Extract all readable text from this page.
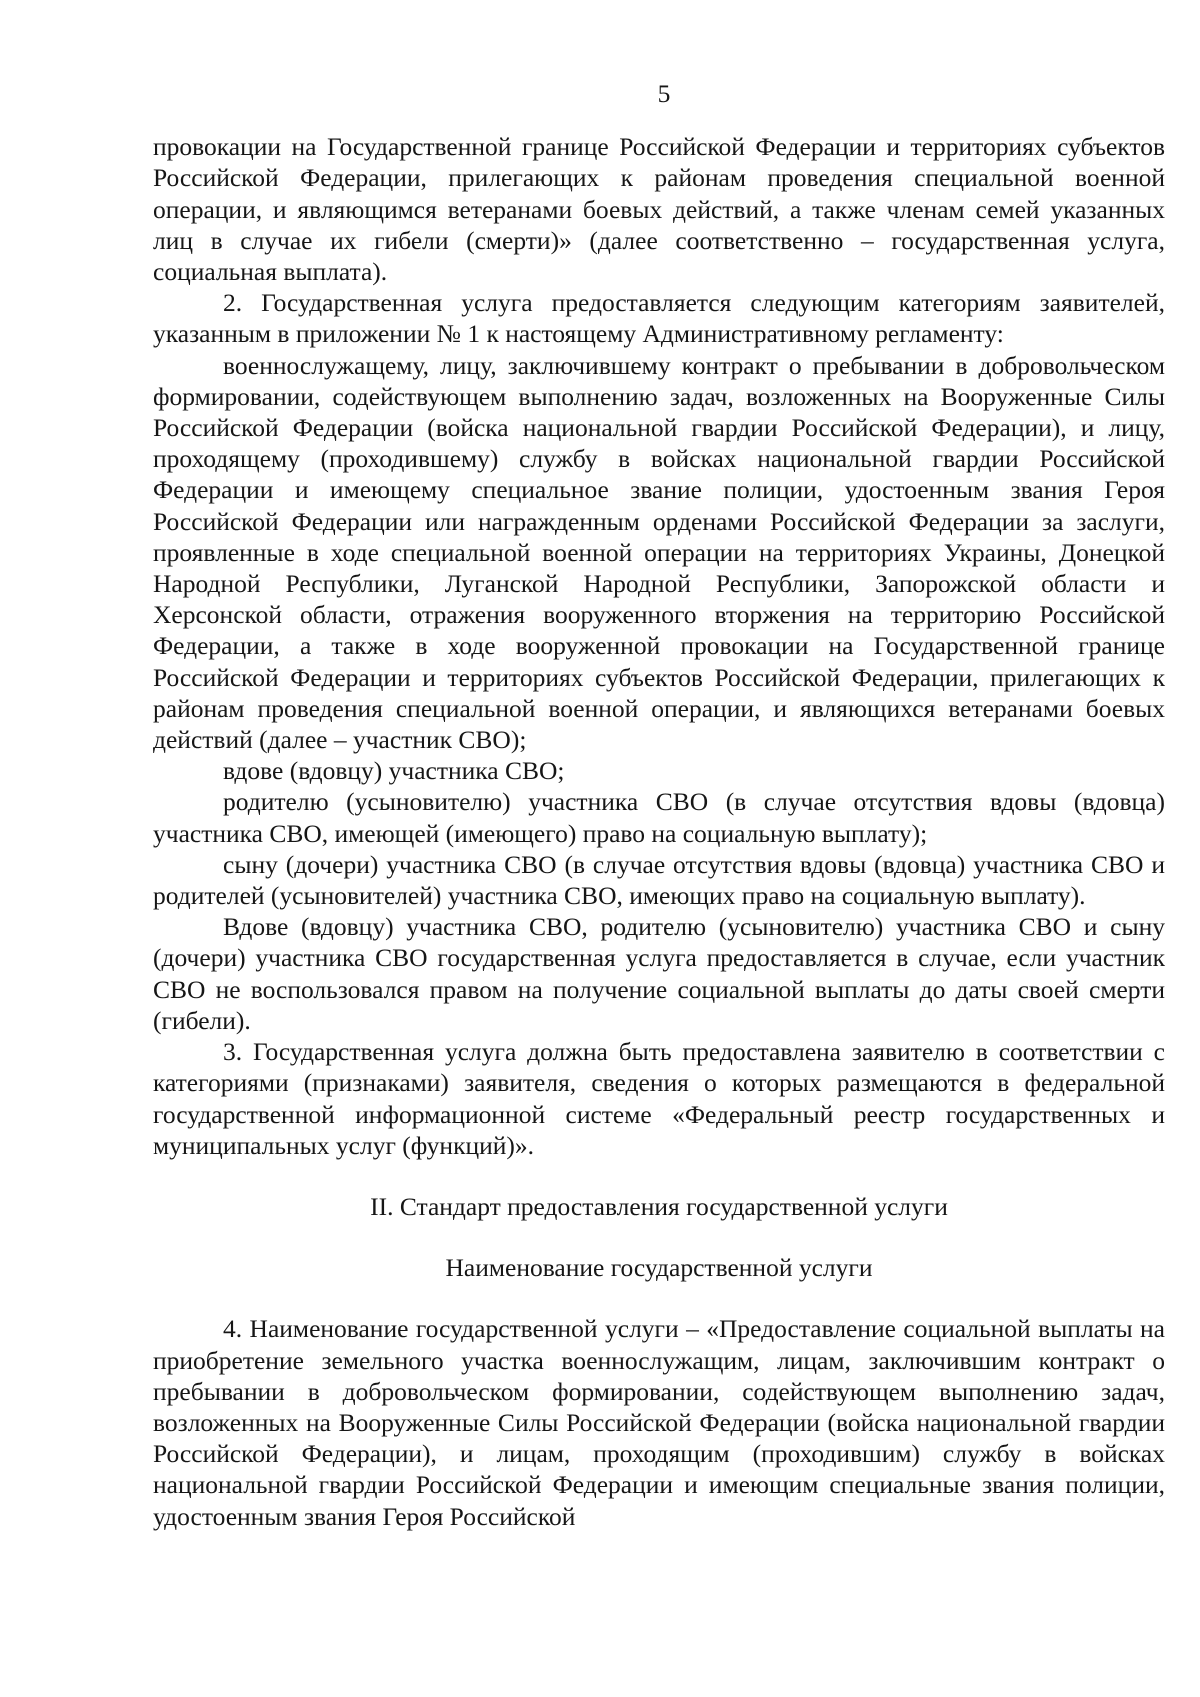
5

провокации на Государственной границе Российской Федерации и территориях субъектов Российской Федерации, прилегающих к районам проведения специальной военной операции, и являющимся ветеранами боевых действий, а также членам семей указанных лиц в случае их гибели (смерти)» (далее соответственно – государственная услуга, социальная выплата).

2. Государственная услуга предоставляется следующим категориям заявителей, указанным в приложении № 1 к настоящему Административному регламенту:

военнослужащему, лицу, заключившему контракт о пребывании в добровольческом формировании, содействующем выполнению задач, возложенных на Вооруженные Силы Российской Федерации (войска национальной гвардии Российской Федерации), и лицу, проходящему (проходившему) службу в войсках национальной гвардии Российской Федерации и имеющему специальное звание полиции, удостоенным звания Героя Российской Федерации или награжденным орденами Российской Федерации за заслуги, проявленные в ходе специальной военной операции на территориях Украины, Донецкой Народной Республики, Луганской Народной Республики, Запорожской области и Херсонской области, отражения вооруженного вторжения на территорию Российской Федерации, а также в ходе вооруженной провокации на Государственной границе Российской Федерации и территориях субъектов Российской Федерации, прилегающих к районам проведения специальной военной операции, и являющихся ветеранами боевых действий (далее – участник СВО);

вдове (вдовцу) участника СВО;

родителю (усыновителю) участника СВО (в случае отсутствия вдовы (вдовца) участника СВО, имеющей (имеющего) право на социальную выплату);

сыну (дочери) участника СВО (в случае отсутствия вдовы (вдовца) участника СВО и родителей (усыновителей) участника СВО, имеющих право на социальную выплату).

Вдове (вдовцу) участника СВО, родителю (усыновителю) участника СВО и сыну (дочери) участника СВО государственная услуга предоставляется в случае, если участник СВО не воспользовался правом на получение социальной выплаты до даты своей смерти (гибели).

3. Государственная услуга должна быть предоставлена заявителю в соответствии с категориями (признаками) заявителя, сведения о которых размещаются в федеральной государственной информационной системе «Федеральный реестр государственных и муниципальных услуг (функций)».

II. Стандарт предоставления государственной услуги

Наименование государственной услуги

4. Наименование государственной услуги – «Предоставление социальной выплаты на приобретение земельного участка военнослужащим, лицам, заключившим контракт о пребывании в добровольческом формировании, содействующем выполнению задач, возложенных на Вооруженные Силы Российской Федерации (войска национальной гвардии Российской Федерации), и лицам, проходящим (проходившим) службу в войсках национальной гвардии Российской Федерации и имеющим специальные звания полиции, удостоенным звания Героя Российской
